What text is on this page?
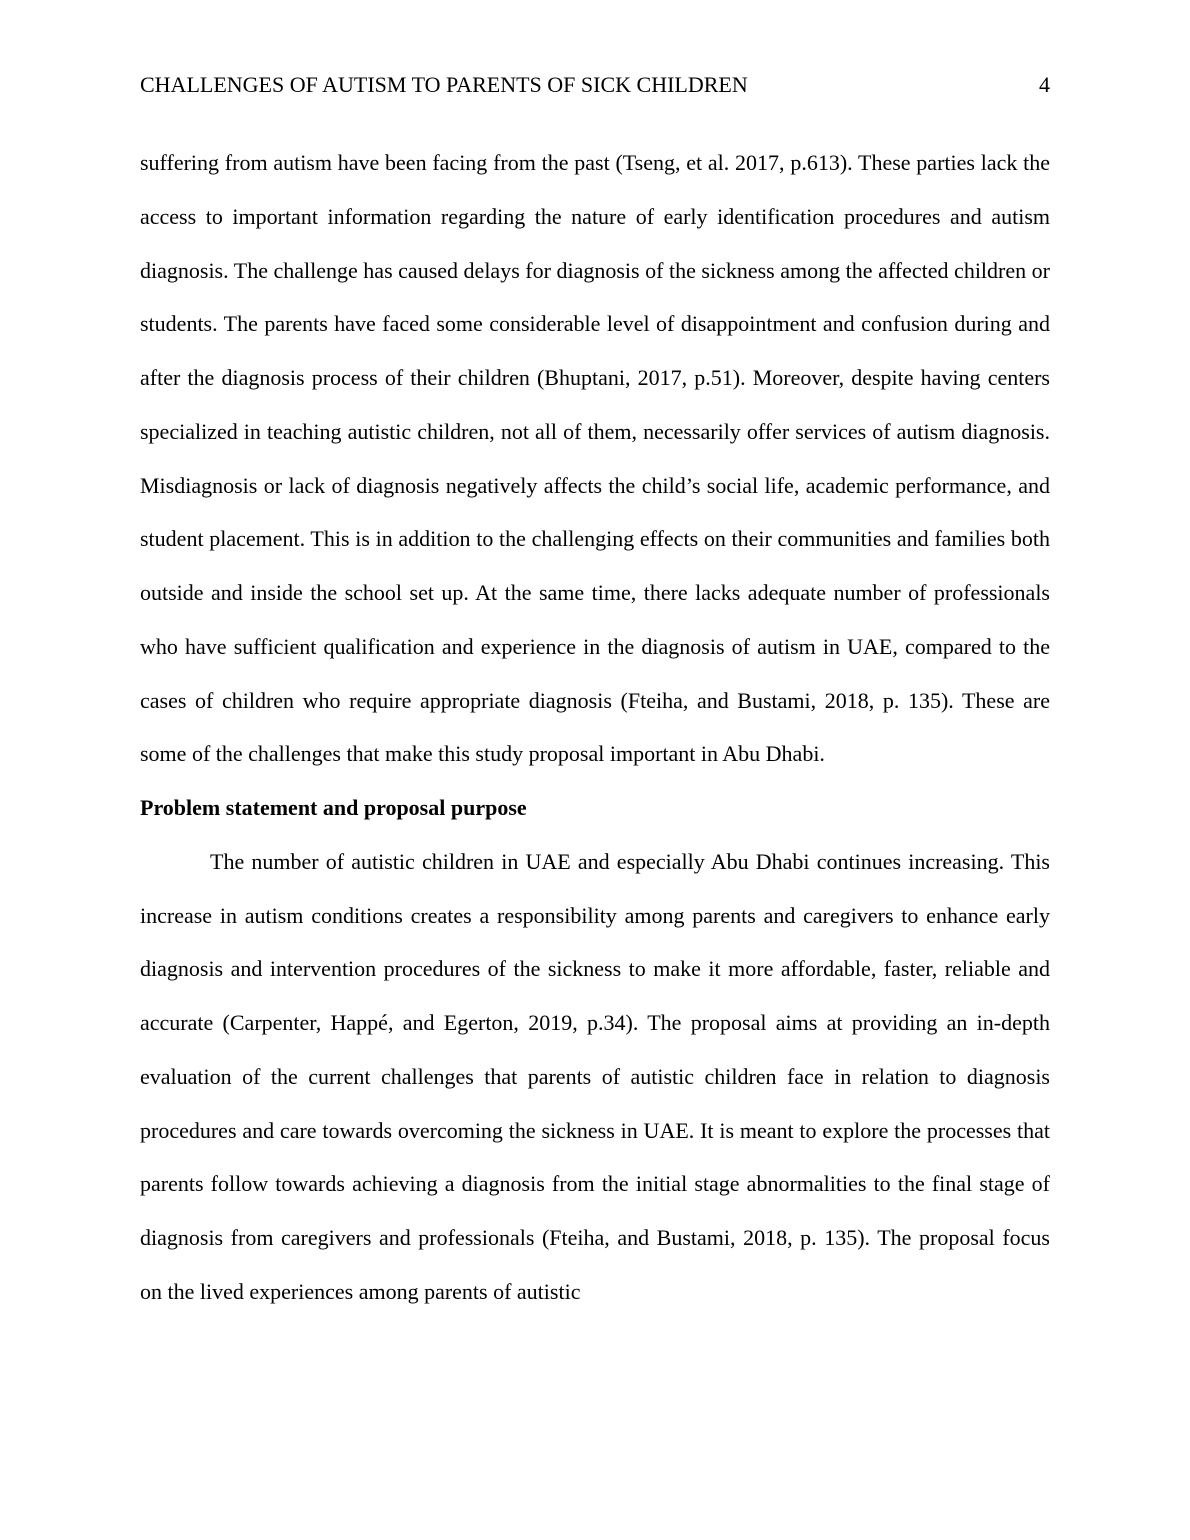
CHALLENGES OF AUTISM TO PARENTS OF SICK CHILDREN	4

suffering from autism have been facing from the past (Tseng, et al. 2017, p.613). These parties lack the access to important information regarding the nature of early identification procedures and autism diagnosis. The challenge has caused delays for diagnosis of the sickness among the affected children or students. The parents have faced some considerable level of disappointment and confusion during and after the diagnosis process of their children (Bhuptani, 2017, p.51). Moreover, despite having centers specialized in teaching autistic children, not all of them, necessarily offer services of autism diagnosis. Misdiagnosis or lack of diagnosis negatively affects the child’s social life, academic performance, and student placement. This is in addition to the challenging effects on their communities and families both outside and inside the school set up. At the same time, there lacks adequate number of professionals who have sufficient qualification and experience in the diagnosis of autism in UAE, compared to the cases of children who require appropriate diagnosis (Fteiha, and Bustami, 2018, p. 135). These are some of the challenges that make this study proposal important in Abu Dhabi.

Problem statement and proposal purpose

The number of autistic children in UAE and especially Abu Dhabi continues increasing. This increase in autism conditions creates a responsibility among parents and caregivers to enhance early diagnosis and intervention procedures of the sickness to make it more affordable, faster, reliable and accurate (Carpenter, Happé, and Egerton, 2019, p.34). The proposal aims at providing an in-depth evaluation of the current challenges that parents of autistic children face in relation to diagnosis procedures and care towards overcoming the sickness in UAE. It is meant to explore the processes that parents follow towards achieving a diagnosis from the initial stage abnormalities to the final stage of diagnosis from caregivers and professionals (Fteiha, and Bustami, 2018, p. 135). The proposal focus on the lived experiences among parents of autistic
